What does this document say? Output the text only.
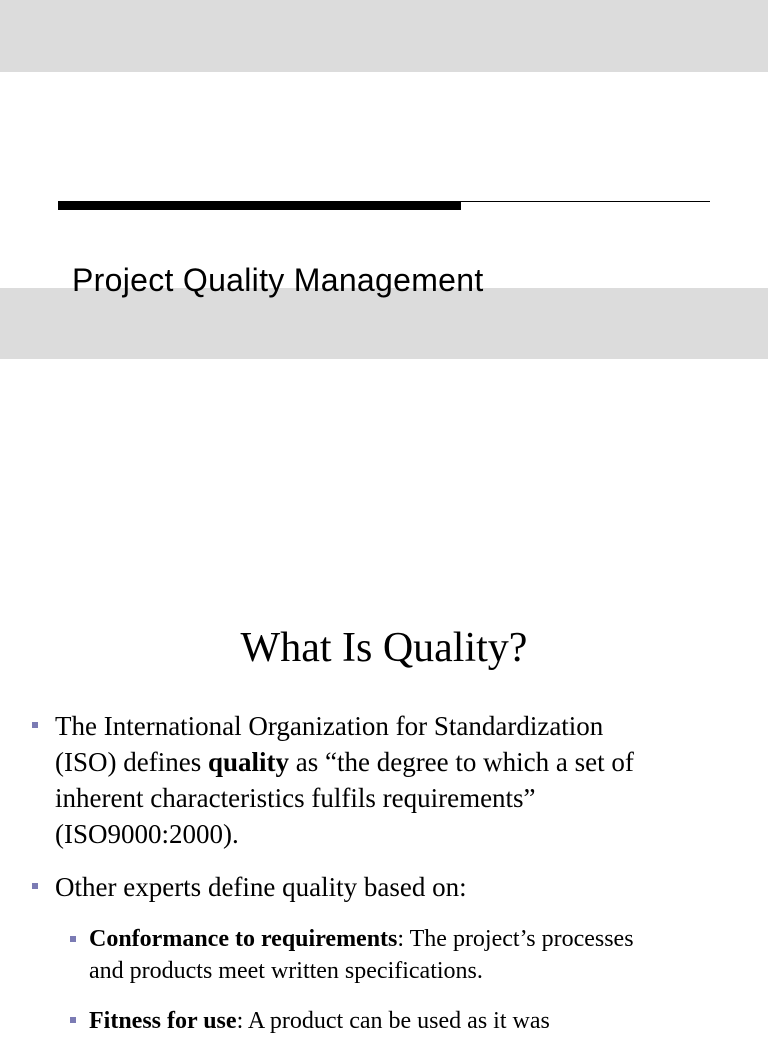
Project Quality Management
What Is Quality?

The International Organization for Standardization
(ISO) defines quality as “the degree to which a set of
inherent characteristics fulfils requirements”
(ISO9000:2000).

Other experts define quality based on:

Conformance to requirements: The project’s processes
and products meet written specifications.

Fitness for use: A product can be used as it was
